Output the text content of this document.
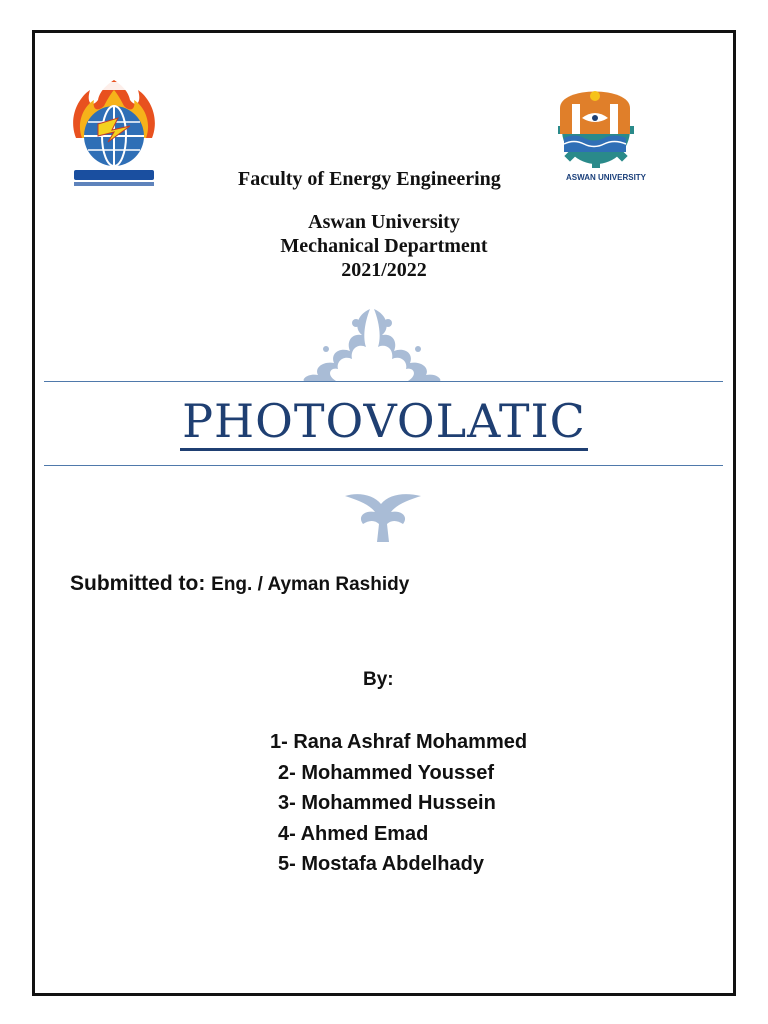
ASWAN UNIVERSITY
Faculty of Energy Engineering
Aswan University
Mechanical Department
2021/2022
PHOTOVOLATIC
Submitted to: Eng. / Ayman Rashidy
By:
1- Rana Ashraf Mohammed
2- Mohammed Youssef
3- Mohammed Hussein
4- Ahmed Emad
5- Mostafa Abdelhady
